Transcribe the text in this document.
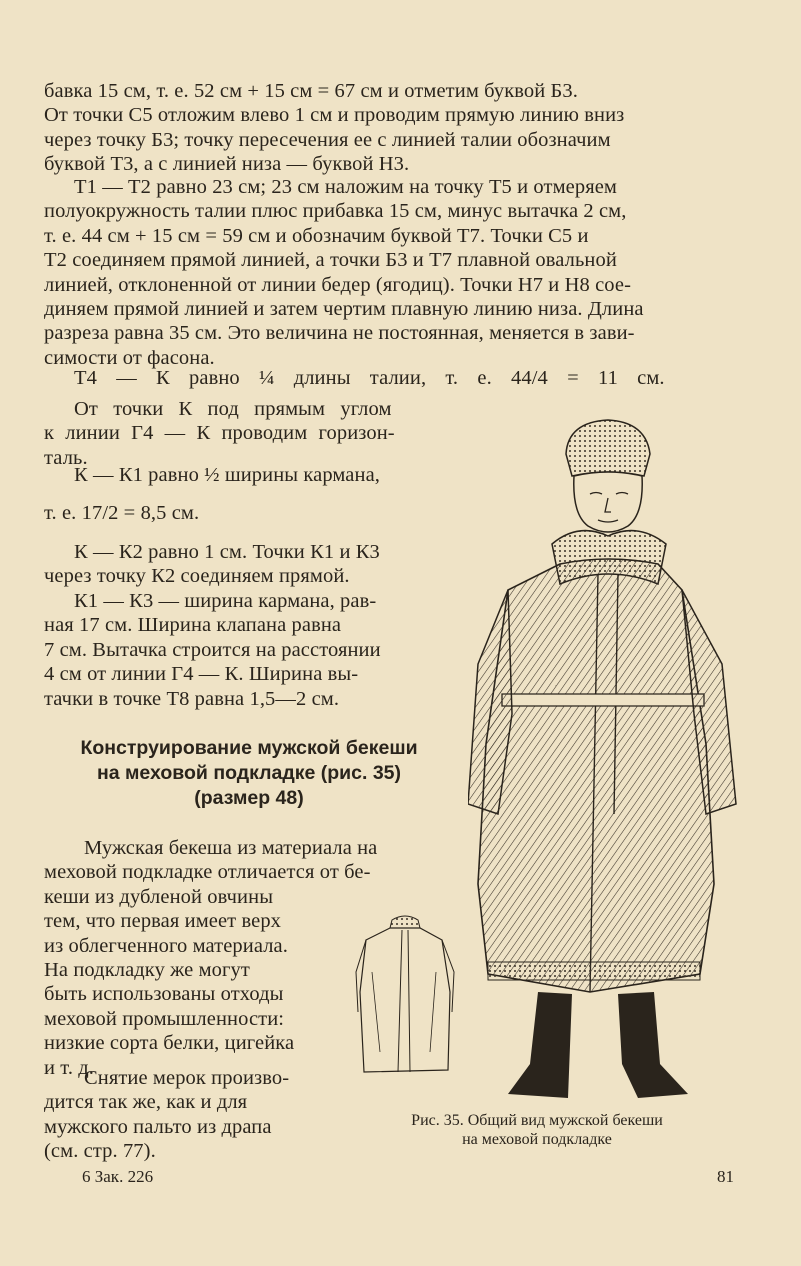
бавка 15 см, т. е. 52 см + 15 см = 67 см и отметим буквой Б3.
От точки С5 отложим влево 1 см и проводим прямую линию вниз
через точку Б3; точку пересечения ее с линией талии обозначим
буквой Т3, а с линией низа — буквой Н3.
Т1 — Т2 равно 23 см; 23 см наложим на точку Т5 и отмеряем
полуокружность талии плюс прибавка 15 см, минус вытачка 2 см,
т. е. 44 см + 15 см = 59 см и обозначим буквой Т7. Точки С5 и
Т2 соединяем прямой линией, а точки Б3 и Т7 плавной овальной
линией, отклоненной от линии бедер (ягодиц). Точки Н7 и Н8 сое-
диняем прямой линией и затем чертим плавную линию низа. Длина
разреза равна 35 см. Это величина не постоянная, меняется в зави-
симости от фасона.
Т4 — К равно ¼ длины талии, т. е. 44/4 = 11 см.
От точки К под прямым углом
к линии Г4 — К проводим горизон-
таль.
К — К1 равно ½ ширины кармана,
т. е. 17/2 = 8,5 см.
К — К2 равно 1 см. Точки К1 и К3
через точку К2 соединяем прямой.
К1 — К3 — ширина кармана, рав-
ная 17 см. Ширина клапана равна
7 см. Вытачка строится на расстоянии
4 см от линии Г4 — К. Ширина вы-
тачки в точке Т8 равна 1,5—2 см.
Конструирование мужской бекеши
на меховой подкладке (рис. 35)
(размер 48)
Мужская бекеша из материала на
меховой подкладке отличается от бе-
кеши из дубленой овчины
тем, что первая имеет верх
из облегченного материала.
На подкладку же могут
быть использованы отходы
меховой промышленности:
низкие сорта белки, цигейка
и т. д.
Снятие мерок произво-
дится так же, как и для
мужского пальто из драпа
(см. стр. 77).
Рис. 35. Общий вид мужской бекеши
на меховой подкладке
6 Зак. 226	81
